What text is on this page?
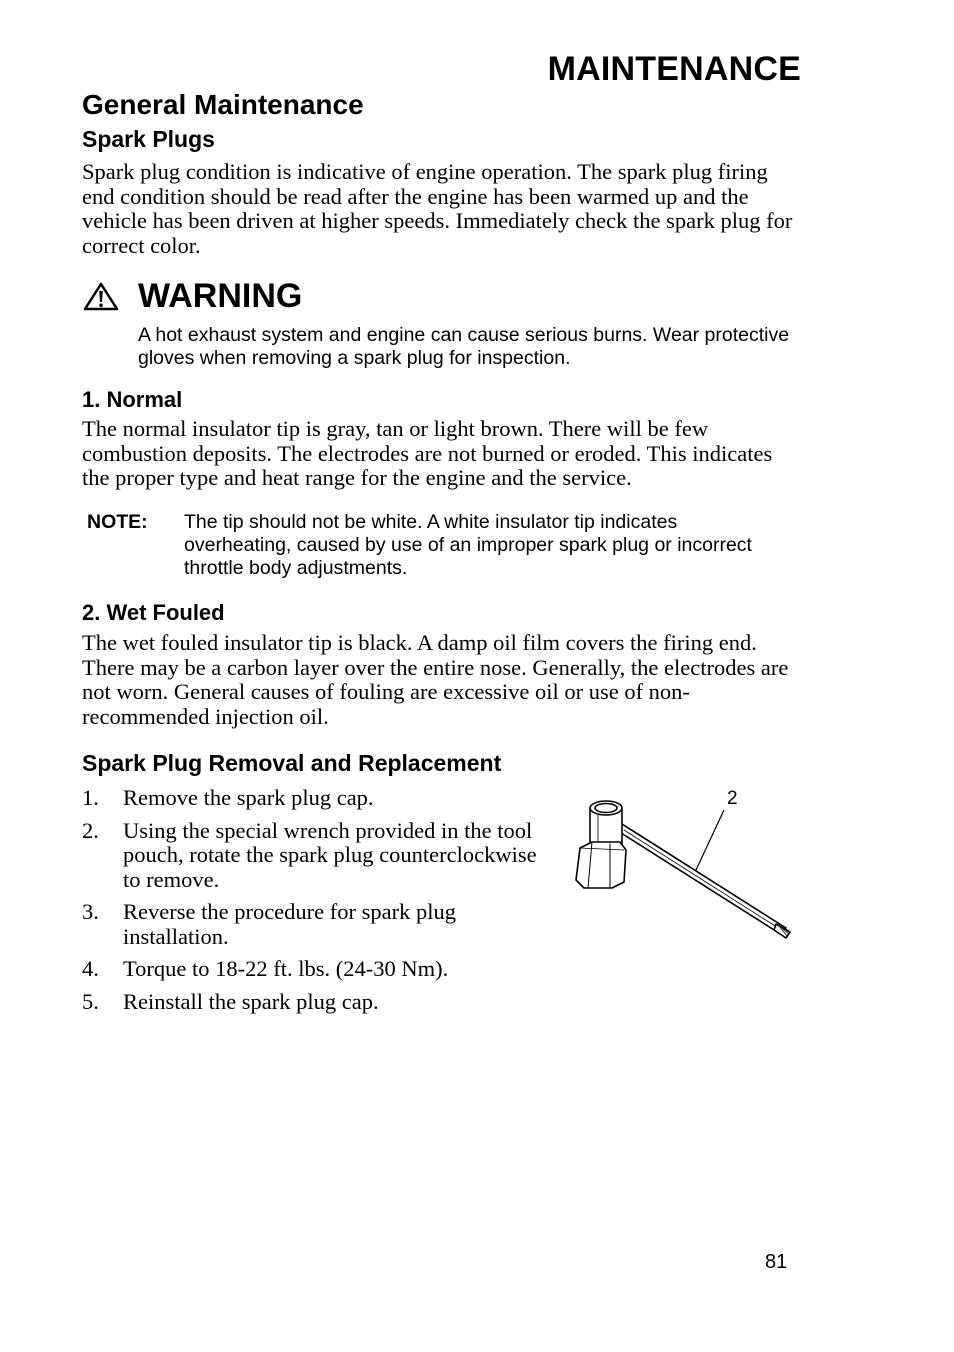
MAINTENANCE
General Maintenance
Spark Plugs
Spark plug condition is indicative of engine operation. The spark plug firing end condition should be read after the engine has been warmed up and the vehicle has been driven at higher speeds. Immediately check the spark plug for correct color.
WARNING
A hot exhaust system and engine can cause serious burns. Wear protective gloves when removing a spark plug for inspection.
1. Normal
The normal insulator tip is gray, tan or light brown. There will be few combustion deposits. The electrodes are not burned or eroded. This indicates the proper type and heat range for the engine and the service.
NOTE: The tip should not be white. A white insulator tip indicates overheating, caused by use of an improper spark plug or incorrect throttle body adjustments.
2. Wet Fouled
The wet fouled insulator tip is black. A damp oil film covers the firing end. There may be a carbon layer over the entire nose. Generally, the electrodes are not worn. General causes of fouling are excessive oil or use of non-recommended injection oil.
Spark Plug Removal and Replacement
1.	Remove the spark plug cap.
2.	Using the special wrench provided in the tool pouch, rotate the spark plug counterclockwise to remove.
3.	Reverse the procedure for spark plug installation.
4.	Torque to 18-22 ft. lbs. (24-30 Nm).
5.	Reinstall the spark plug cap.
2
81
